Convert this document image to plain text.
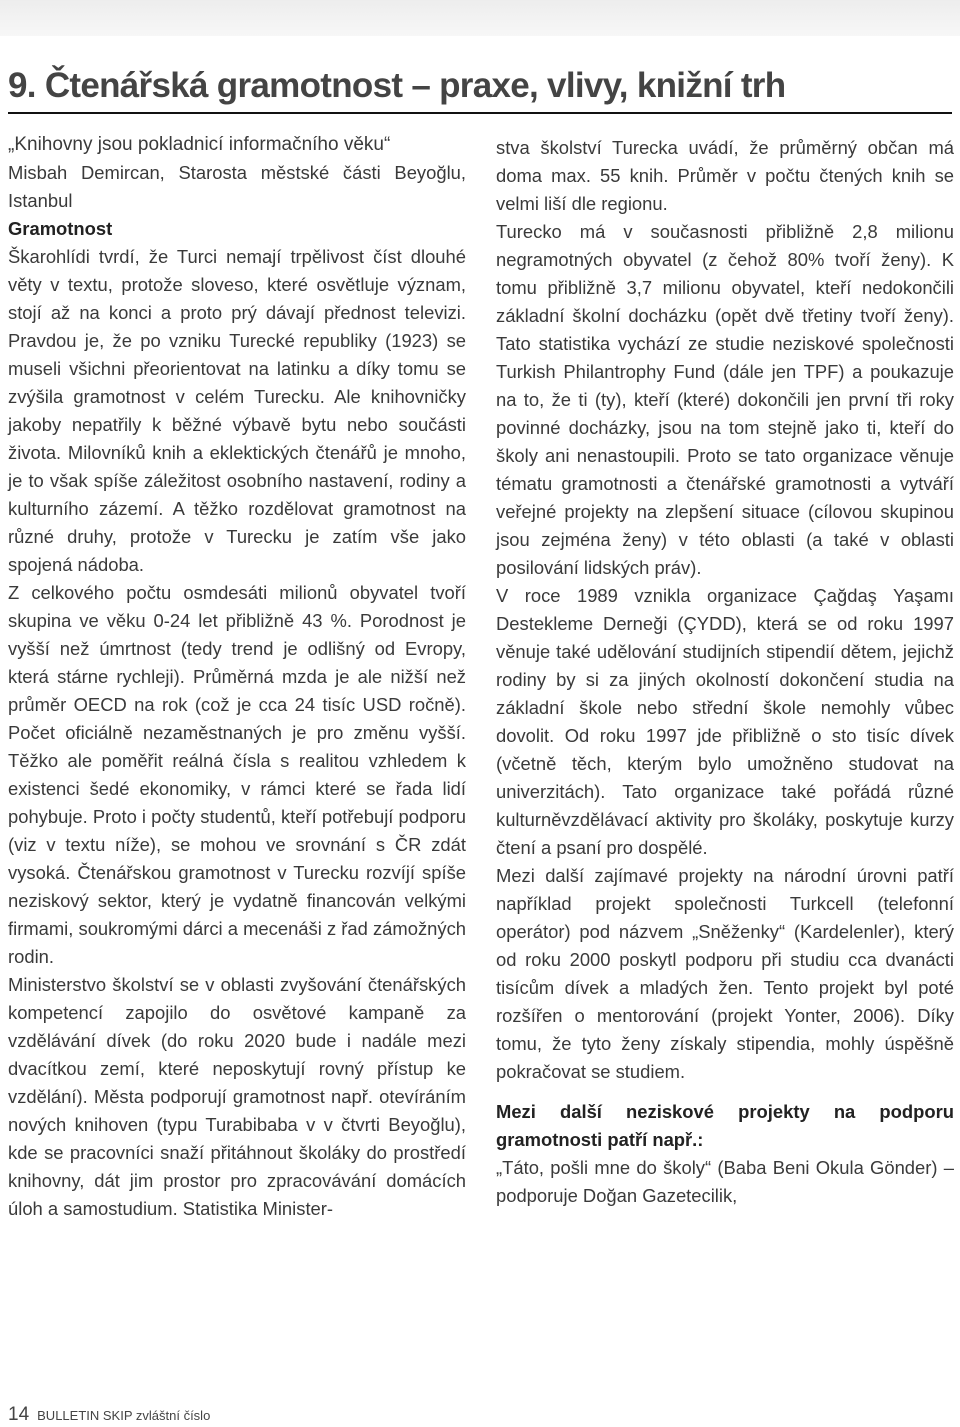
9. Čtenářská gramotnost – praxe, vlivy, knižní trh

„Knihovny jsou pokladnicí informačního věku“

Misbah Demircan, Starosta městské části Beyoğlu, Istanbul

Gramotnost

Škarohlídi tvrdí, že Turci nemají trpělivost číst dlouhé věty v textu, protože sloveso, které osvětluje význam, stojí až na konci a proto prý dávají přednost televizi. Pravdou je, že po vzniku Turecké republiky (1923) se museli všichni přeorientovat na latinku a díky tomu se zvýšila gramotnost v celém Turecku. Ale knihovničky jakoby nepatřily k běžné výbavě bytu nebo součásti života. Milovníků knih a eklektických čtenářů je mnoho, je to však spíše záležitost osobního nastavení, rodiny a kulturního zázemí. A těžko rozdělovat gramotnost na různé druhy, protože v Turecku je zatím vše jako spojená nádoba.

Z celkového počtu osmdesáti milionů obyvatel tvoří skupina ve věku 0-24 let přibližně 43 %. Porodnost je vyšší než úmrtnost (tedy trend je odlišný od Evropy, která stárne rychleji). Průměrná mzda je ale nižší než průměr OECD na rok (což je cca 24 tisíc USD ročně). Počet oficiálně nezaměstnaných je pro změnu vyšší. Těžko ale poměřit reálná čísla s realitou vzhledem k existenci šedé ekonomiky, v rámci které se řada lidí pohybuje. Proto i počty studentů, kteří potřebují podporu (viz v textu níže), se mohou ve srovnání s ČR zdát vysoká. Čtenářskou gramotnost v Turecku rozvíjí spíše neziskový sektor, který je vydatně financován velkými firmami, soukromými dárci a mecenáši z řad zámožných rodin.

Ministerstvo školství se v oblasti zvyšování čtenářských kompetencí zapojilo do osvětové kampaně za vzdělávání dívek (do roku 2020 bude i nadále mezi dvacítkou zemí, které neposkytují rovný přístup ke vzdělání). Města podporují gramotnost např. otevíráním nových knihoven (typu Turabibaba v v čtvrti Beyoğlu), kde se pracovníci snaží přitáhnout školáky do prostředí knihovny, dát jim prostor pro zpracovávání domácích úloh a samostudium. Statistika Minister-

stva školství Turecka uvádí, že průměrný občan má doma max. 55 knih. Průměr v počtu čtených knih se velmi liší dle regionu.

Turecko má v současnosti přibližně 2,8 milionu negramotných obyvatel (z čehož 80% tvoří ženy). K tomu přibližně 3,7 milionu obyvatel, kteří nedokončili základní školní docházku (opět dvě třetiny tvoří ženy). Tato statistika vychází ze studie neziskové společnosti Turkish Philantrophy Fund (dále jen TPF) a poukazuje na to, že ti (ty), kteří (které) dokončili jen první tři roky povinné docházky, jsou na tom stejně jako ti, kteří do školy ani nenastoupili. Proto se tato organizace věnuje tématu gramotnosti a čtenářské gramotnosti a vytváří veřejné projekty na zlepšení situace (cílovou skupinou jsou zejména ženy) v této oblasti (a také v oblasti posilování lidských práv).

V roce 1989 vznikla organizace Çağdaş Yaşamı Destekleme Derneği (ÇYDD), která se od roku 1997 věnuje také udělování studijních stipendií dětem, jejichž rodiny by si za jiných okolností dokončení studia na základní škole nebo střední škole nemohly vůbec dovolit. Od roku 1997 jde přibližně o sto tisíc dívek (včetně těch, kterým bylo umožněno studovat na univerzitách). Tato organizace také pořádá různé kulturněvzdělávací aktivity pro školáky, poskytuje kurzy čtení a psaní pro dospělé.

Mezi další zajímavé projekty na národní úrovni patří například projekt společnosti Turkcell (telefonní operátor) pod názvem „Sněženky“ (Kardelenler), který od roku 2000 poskytl podporu při studiu cca dvanácti tisícům dívek a mladých žen. Tento projekt byl poté rozšířen o mentorování (projekt Yonter, 2006). Díky tomu, že tyto ženy získaly stipendia, mohly úspěšně pokračovat se studiem.

Mezi další neziskové projekty na podporu gramotnosti patří např.:

„Táto, pošli mne do školy“ (Baba Beni Okula Gönder) – podporuje Doğan Gazetecilik,

14 BULLETIN SKIP zvláštní číslo
